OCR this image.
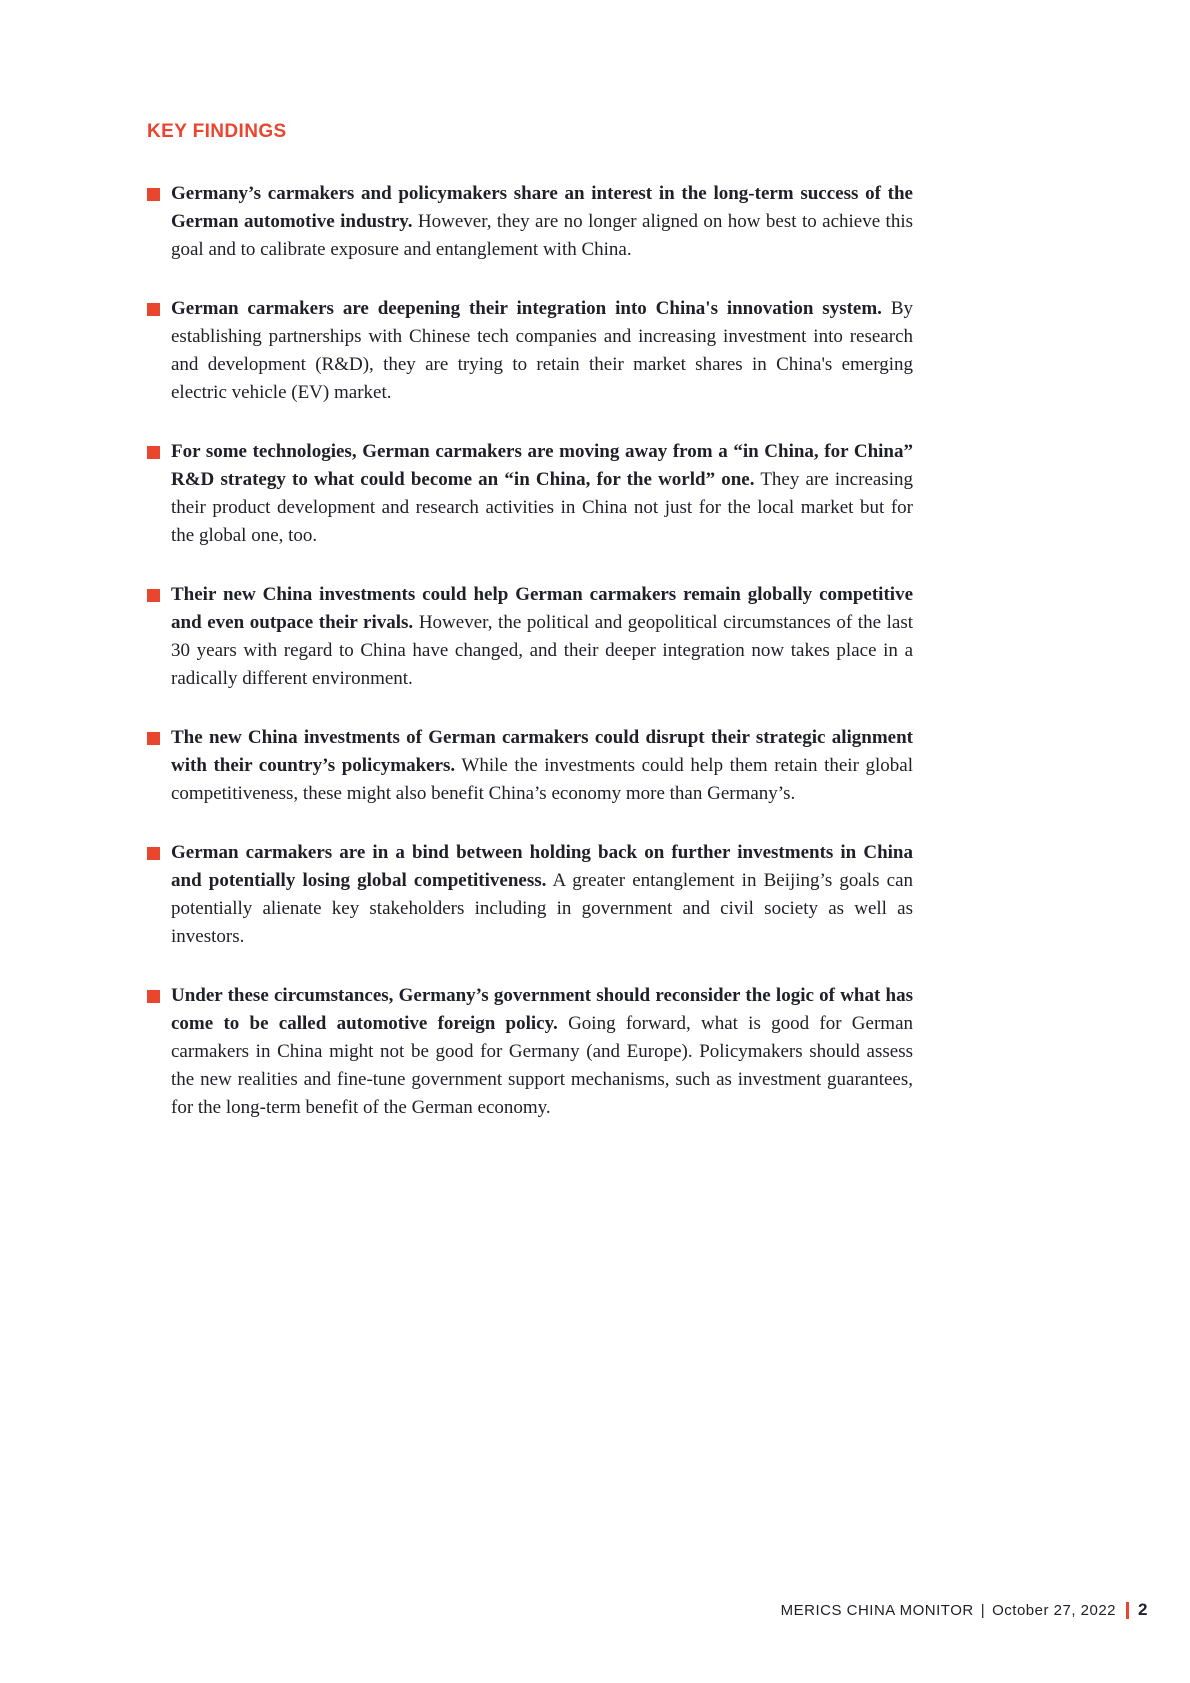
KEY FINDINGS
Germany’s carmakers and policymakers share an interest in the long-term success of the German automotive industry. However, they are no longer aligned on how best to achieve this goal and to calibrate exposure and entanglement with China.
German carmakers are deepening their integration into China's innovation system. By establishing partnerships with Chinese tech companies and increasing investment into research and development (R&D), they are trying to retain their market shares in China's emerging electric vehicle (EV) market.
For some technologies, German carmakers are moving away from a “in China, for China” R&D strategy to what could become an “in China, for the world” one. They are increasing their product development and research activities in China not just for the local market but for the global one, too.
Their new China investments could help German carmakers remain globally competitive and even outpace their rivals. However, the political and geopolitical circumstances of the last 30 years with regard to China have changed, and their deeper integration now takes place in a radically different environment.
The new China investments of German carmakers could disrupt their strategic alignment with their country’s policymakers. While the investments could help them retain their global competitiveness, these might also benefit China’s economy more than Germany’s.
German carmakers are in a bind between holding back on further investments in China and potentially losing global competitiveness. A greater entanglement in Beijing’s goals can potentially alienate key stakeholders including in government and civil society as well as investors.
Under these circumstances, Germany’s government should reconsider the logic of what has come to be called automotive foreign policy. Going forward, what is good for German carmakers in China might not be good for Germany (and Europe). Policymakers should assess the new realities and fine-tune government support mechanisms, such as investment guarantees, for the long-term benefit of the German economy.
MERICS CHINA MONITOR | October 27, 2022 2
